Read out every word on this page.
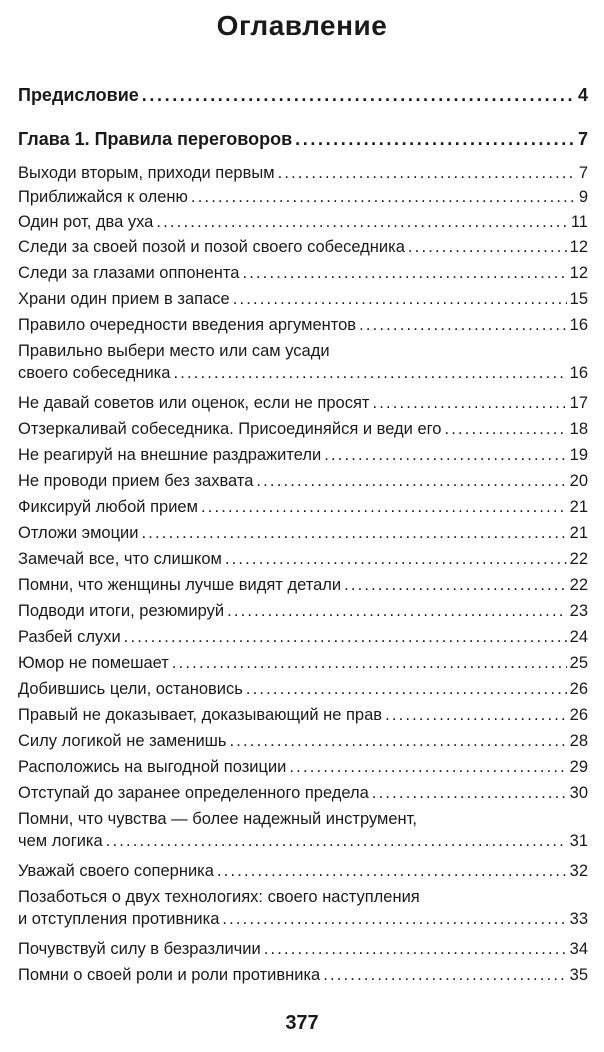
Оглавление
Предисловие . . .	4
Глава 1. Правила переговоров . . .	7
Выходи вторым, приходи первым . . .	7
Приближайся к оленю . . .	9
Один рот, два уха . . .	11
Следи за своей позой и позой своего собеседника . . .	12
Следи за глазами оппонента . . .	12
Храни один прием в запасе . . .	15
Правило очередности введения аргументов . . .	16
Правильно выбери место или сам усади
своего собеседника . . .	16
Не давай советов или оценок, если не просят . . .	17
Отзеркаливай собеседника. Присоединяйся и веди его . . .	18
Не реагируй на внешние раздражители . . .	19
Не проводи прием без захвата . . .	20
Фиксируй любой прием . . .	21
Отложи эмоции . . .	21
Замечай все, что слишком . . .	22
Помни, что женщины лучше видят детали . . .	22
Подводи итоги, резюмируй . . .	23
Разбей слухи . . .	24
Юмор не помешает . . .	25
Добившись цели, остановись . . .	26
Правый не доказывает, доказывающий не прав . . .	26
Силу логикой не заменишь . . .	28
Расположись на выгодной позиции . . .	29
Отступай до заранее определенного предела . . .	30
Помни, что чувства — более надежный инструмент,
чем логика . . .	31
Уважай своего соперника . . .	32
Позаботься о двух технологиях: своего наступления
и отступления противника . . .	33
Почувствуй силу в безразличии . . .	34
Помни о своей роли и роли противника . . .	35
377
